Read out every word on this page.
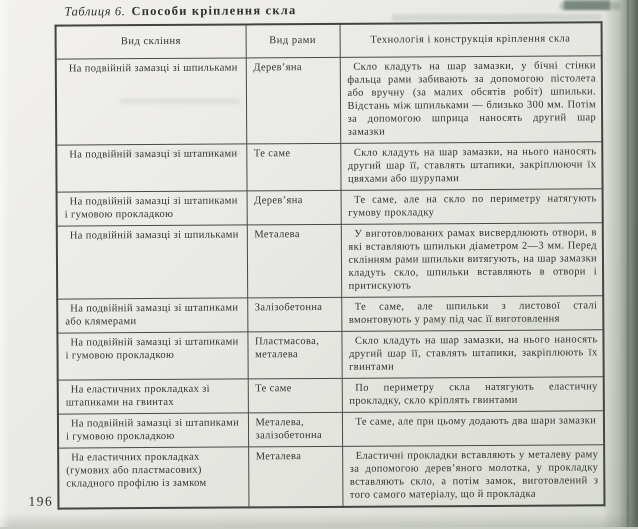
Таблиця 6. Способи кріплення скла
Вид скління	Вид рами	Технологія і конструкція кріплення скла
На подвійній замазці зі шпильками	Дерев’яна	Скло кладуть на шар замазки, у бічні стінки фальца рами забивають за допомогою пістолета або вручну (за малих обсятів робіт) шпильки. Відстань між шпильками — близько 300 мм. Потім за допомогою шприца наносять другий шар замазки
На подвійній замазці зі штапиками	Те саме	Скло кладуть на шар замазки, на нього наносять другий шар її, ставлять штапики, закріплюючи їх цвяхами або шурупами
На подвійній замазці зі штапиками і гумовою прокладкою	Дерев’яна	Те саме, але на скло по периметру натягують гумову прокладку
На подвійній замазці зі шпильками	Металева	У виготовлюваних рамах висвердлюють отвори, в які вставляють шпильки діаметром 2—3 мм. Перед склінням рами шпильки витягують, на шар замазки кладуть скло, шпильки вставляють в отвори і притискують
На подвійній замазці зі штапиками або клямерами	Залізобетонна	Те саме, але шпильки з листової сталі вмонтовують у раму під час її виготовлення
На подвійній замазці зі штапиками і гумовою прокладкою	Пластмасова, металева	Скло кладуть на шар замазки, на нього наносять другий шар її, ставлять штапики, закріплюють їх гвинтами
На еластичних прокладках зі штапиками на гвинтах	Те саме	По периметру скла натягують еластичну прокладку, скло кріплять гвинтами
На подвійній замазці зі штапиками і гумовою прокладкою	Металева, залізобетонна	Те саме, але при цьому додають два шари замазки
На еластичних прокладках (гумових або пластмасових) складного профілю із замком	Металева	Еластичні прокладки вставляють у металеву раму за допомогою дерев’яного молотка, у прокладку вставляють скло, а потім замок, виготовлений з того самого матеріалу, що й прокладка
196
